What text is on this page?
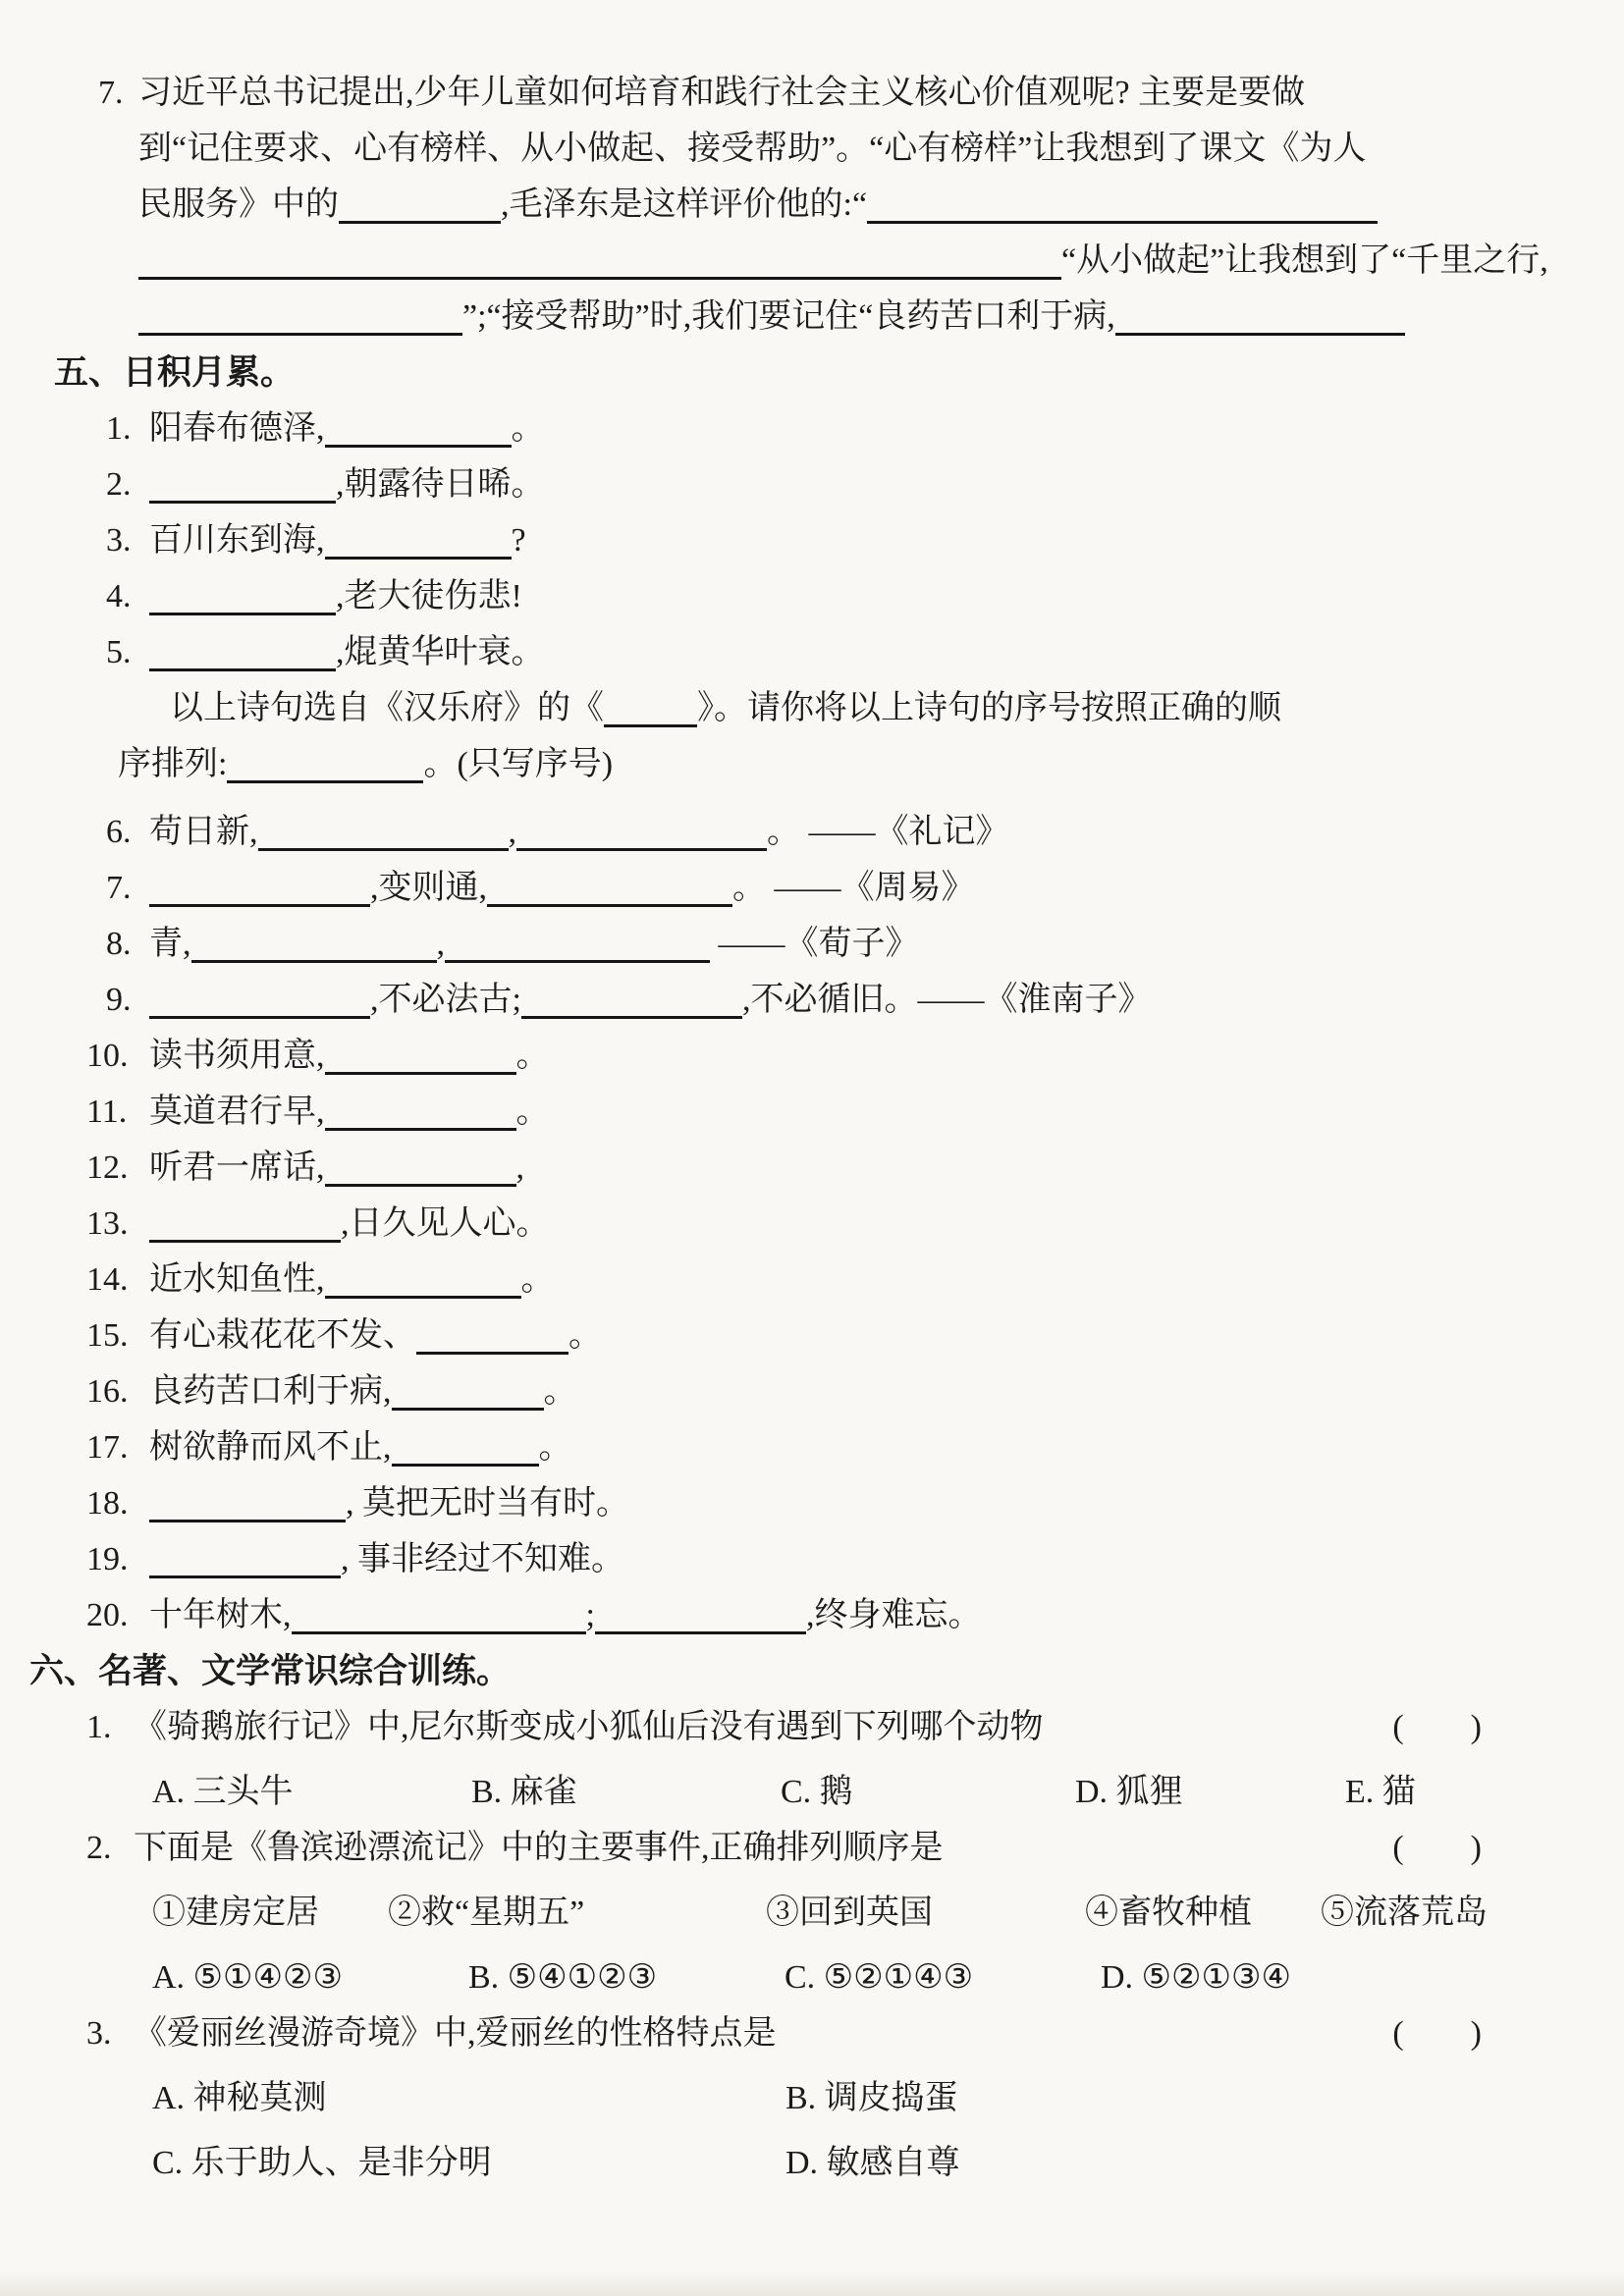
7. 习近平总书记提出,少年儿童如何培育和践行社会主义核心价值观呢? 主要是要做
到“记住要求、心有榜样、从小做起、接受帮助”。“心有榜样”让我想到了课文《为人
民服务》中的	,毛泽东是这样评价他的:“
“从小做起”让我想到了“千里之行,
”;“接受帮助”时,我们要记住“良药苦口利于病,
五、日积月累。
1. 阳春布德泽,	。
2.	,朝露待日晞。
3. 百川东到海,	?
4.	,老大徒伤悲!
5.	,焜黄华叶衰。
以上诗句选自《汉乐府》的《	》。请你将以上诗句的序号按照正确的顺
序排列:	。(只写序号)
6. 苟日新,	,	。 ——《礼记》
7.	,变则通,	。 ——《周易》
8. 青,	,	——《荀子》
9.	,不必法古;	,不必循旧。——《淮南子》
10. 读书须用意,	。
11. 莫道君行早,	。
12. 听君一席话,	,
13.	,日久见人心。
14. 近水知鱼性,	。
15. 有心栽花花不发、	。
16. 良药苦口利于病,	。
17. 树欲静而风不止,	。
18.	, 莫把无时当有时。
19.	, 事非经过不知难。
20. 十年树木,	;	,终身难忘。
六、名著、文学常识综合训练。
1. 《骑鹅旅行记》中,尼尔斯变成小狐仙后没有遇到下列哪个动物	(　　)
A. 三头牛	B. 麻雀	C. 鹅	D. 狐狸	E. 猫
2. 下面是《鲁滨逊漂流记》中的主要事件,正确排列顺序是	(　　)
①建房定居	②救“星期五”	③回到英国	④畜牧种植	⑤流落荒岛
A. ⑤①④②③	B. ⑤④①②③	C. ⑤②①④③	D. ⑤②①③④
3. 《爱丽丝漫游奇境》中,爱丽丝的性格特点是	(　　)
A. 神秘莫测	B. 调皮捣蛋
C. 乐于助人、是非分明	D. 敏感自尊
